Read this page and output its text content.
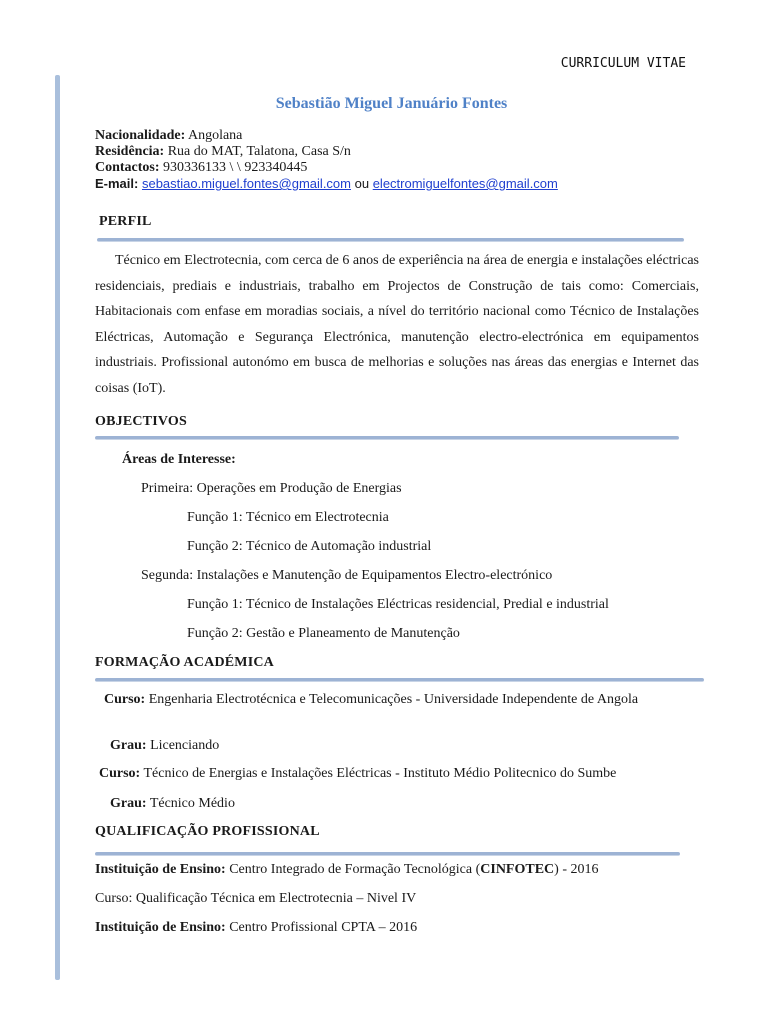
CURRICULUM VITAE
Sebastião Miguel Januário Fontes
Nacionalidade: Angolana
Residência: Rua do MAT, Talatona, Casa S/n
Contactos: 930336133 \ \ 923340445
E-mail: sebastiao.miguel.fontes@gmail.com ou electromiguelfontes@gmail.com
PERFIL
Técnico em Electrotecnia, com cerca de 6 anos de experiência na área de energia e instalações eléctricas residenciais, prediais e industriais, trabalho em Projectos de Construção de tais como: Comerciais, Habitacionais com enfase em moradias sociais, a nível do território nacional como Técnico de Instalações Eléctricas, Automação e Segurança Electrónica, manutenção electro-electrónica em equipamentos industriais. Profissional autonómo em busca de melhorias e soluções nas áreas das energias e Internet das coisas (IoT).
OBJECTIVOS
Áreas de Interesse:
Primeira: Operações em Produção de Energias
Função 1: Técnico em Electrotecnia
Função 2: Técnico de Automação industrial
Segunda: Instalações e Manutenção de Equipamentos Electro-electrónico
Função 1: Técnico de Instalações Eléctricas residencial, Predial e industrial
Função 2: Gestão e Planeamento de Manutenção
FORMAÇÃO ACADÉMICA
Curso: Engenharia Electrotécnica e Telecomunicações - Universidade Independente de Angola
Grau: Licenciando
Curso: Técnico de Energias e Instalações Eléctricas - Instituto Médio Politecnico do Sumbe
Grau: Técnico Médio
QUALIFICAÇÃO PROFISSIONAL
Instituição de Ensino: Centro Integrado de Formação Tecnológica (CINFOTEC) - 2016
Curso: Qualificação Técnica em Electrotecnia – Nivel IV
Instituição de Ensino: Centro Profissional CPTA – 2016
